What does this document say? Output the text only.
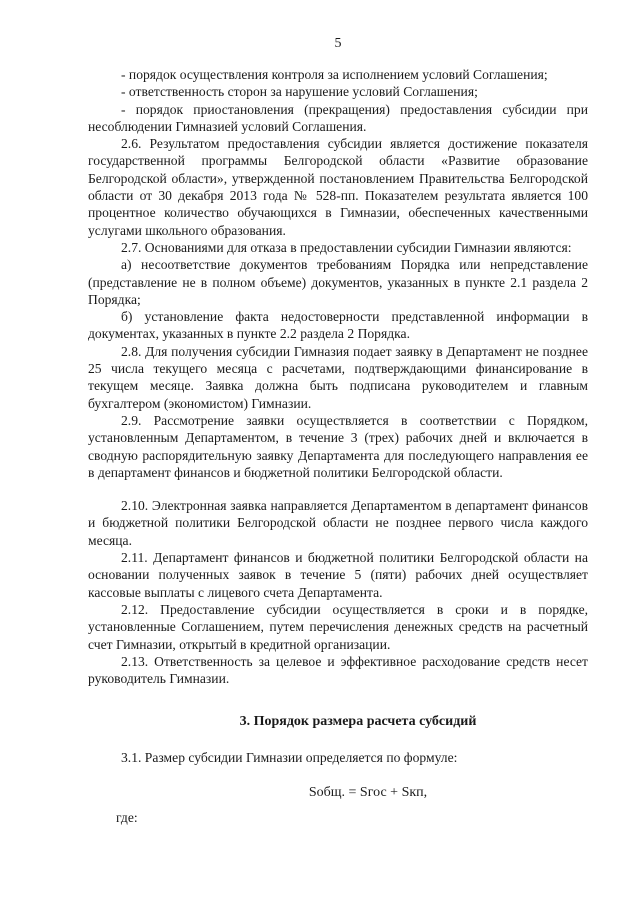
5

- порядок осуществления контроля за исполнением условий Соглашения;

- ответственность сторон за нарушение условий Соглашения;

- порядок приостановления (прекращения) предоставления субсидии при несоблюдении Гимназией условий Соглашения.

2.6. Результатом предоставления субсидии является достижение показателя государственной программы Белгородской области «Развитие образование Белгородской области», утвержденной постановлением Правительства Белгородской области от 30 декабря 2013 года № 528-пп. Показателем результата является 100 процентное количество обучающихся в Гимназии, обеспеченных качественными услугами школьного образования.

2.7. Основаниями для отказа в предоставлении субсидии Гимназии являются:

а) несоответствие документов требованиям Порядка или непредставление (представление не в полном объеме) документов, указанных в пункте 2.1 раздела 2 Порядка;

б) установление факта недостоверности представленной информации в документах, указанных в пункте 2.2 раздела 2 Порядка.

2.8. Для получения субсидии Гимназия подает заявку в Департамент не позднее 25 числа текущего месяца с расчетами, подтверждающими финансирование в текущем месяце. Заявка должна быть подписана руководителем и главным бухгалтером (экономистом) Гимназии.

2.9. Рассмотрение заявки осуществляется в соответствии с Порядком, установленным Департаментом, в течение 3 (трех) рабочих дней и включается в сводную распорядительную заявку Департамента для последующего направления ее в департамент финансов и бюджетной политики Белгородской области.

2.10. Электронная заявка направляется Департаментом в департамент финансов и бюджетной политики Белгородской области не позднее первого числа каждого месяца.

2.11. Департамент финансов и бюджетной политики Белгородской области на основании полученных заявок в течение 5 (пяти) рабочих дней осуществляет кассовые выплаты с лицевого счета Департамента.

2.12. Предоставление субсидии осуществляется в сроки и в порядке, установленные Соглашением, путем перечисления денежных средств на расчетный счет Гимназии, открытый в кредитной организации.

2.13. Ответственность за целевое и эффективное расходование средств несет руководитель Гимназии.

3. Порядок размера расчета субсидий

3.1. Размер субсидии Гимназии определяется по формуле:

Sобщ. = Sгос + Sкп,
где:
